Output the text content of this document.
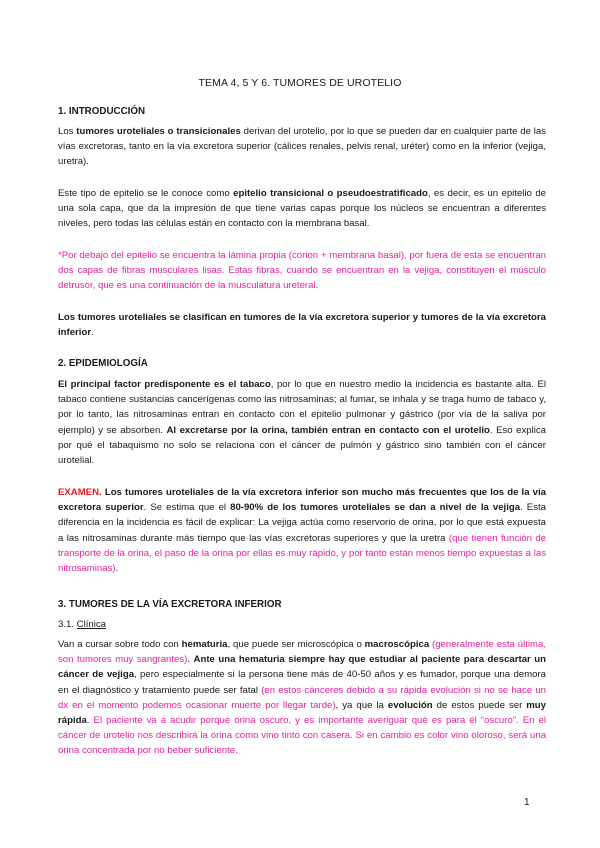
TEMA 4, 5 Y 6. TUMORES DE UROTELIO
1. INTRODUCCIÓN

Los tumores uroteliales o transicionales derivan del urotelio, por lo que se pueden dar en cualquier parte de las vías excretoras, tanto en la vía excretora superior (cálices renales, pelvis renal, uréter) como en la inferior (vejiga, uretra).

Este tipo de epitelio se le conoce como epitelio transicional o pseudoestratificado, es decir, es un epitelio de una sola capa, que da la impresión de que tiene varias capas porque los núcleos se encuentran a diferentes niveles, pero todas las células están en contacto con la membrana basal.

*Por debajo del epitelio se encuentra la lámina propia (corion + membrana basal), por fuera de esta se encuentran dos capas de fibras musculares lisas. Estas fibras, cuando se encuentran en la vejiga, constituyen el músculo detrusor, que es una continuación de la musculatura ureteral.

Los tumores uroteliales se clasifican en tumores de la vía excretora superior y tumores de la vía excretora inferior.

2. EPIDEMIOLOGÍA

El principal factor predisponente es el tabaco, por lo que en nuestro medio la incidencia es bastante alta. El tabaco contiene sustancias cancerígenas como las nitrosaminas; al fumar, se inhala y se traga humo de tabaco y, por lo tanto, las nitrosaminas entran en contacto con el epitelio pulmonar y gástrico (por vía de la saliva por ejemplo) y se absorben. Al excretarse por la orina, también entran en contacto con el urotelio. Eso explica por qué el tabaquismo no solo se relaciona con el cáncer de pulmón y gástrico sino también con el cáncer urotelial.

EXAMEN. Los tumores uroteliales de la vía excretora inferior son mucho más frecuentes que los de la vía excretora superior. Se estima que el 80-90% de los tumores uroteliales se dan a nivel de la vejiga. Esta diferencia en la incidencia es fácil de explicar: La vejiga actúa como reservorio de orina, por lo que está expuesta a las nitrosaminas durante más tiempo que las vías excretoras superiores y que la uretra (que tienen función de transporte de la orina, el paso de la orina por ellas es muy rápido, y por tanto están menos tiempo expuestas a las nitrosaminas).

3. TUMORES DE LA VÍA EXCRETORA INFERIOR

3.1. Clínica

Van a cursar sobre todo con hematuria, que puede ser microscópica o macroscópica (generalmente esta última, son tumores muy sangrantes). Ante una hematuria siempre hay que estudiar al paciente para descartar un cáncer de vejiga, pero especialmente si la persona tiene más de 40-50 años y es fumador, porque una demora en el diagnóstico y tratamiento puede ser fatal (en estos cánceres debido a su rápida evolución si no se hace un dx en el momento podemos ocasionar muerte por llegar tarde), ya que la evolución de estos puede ser muy rápida. El paciente va a acudir porque orina oscuro, y es importante averiguar qué es para él “oscuro”. En el cáncer de urotelio nos describirá la orina como vino tinto con casera. Si en cambio es color vino oloroso, será una orina concentrada por no beber suficiente.

1
